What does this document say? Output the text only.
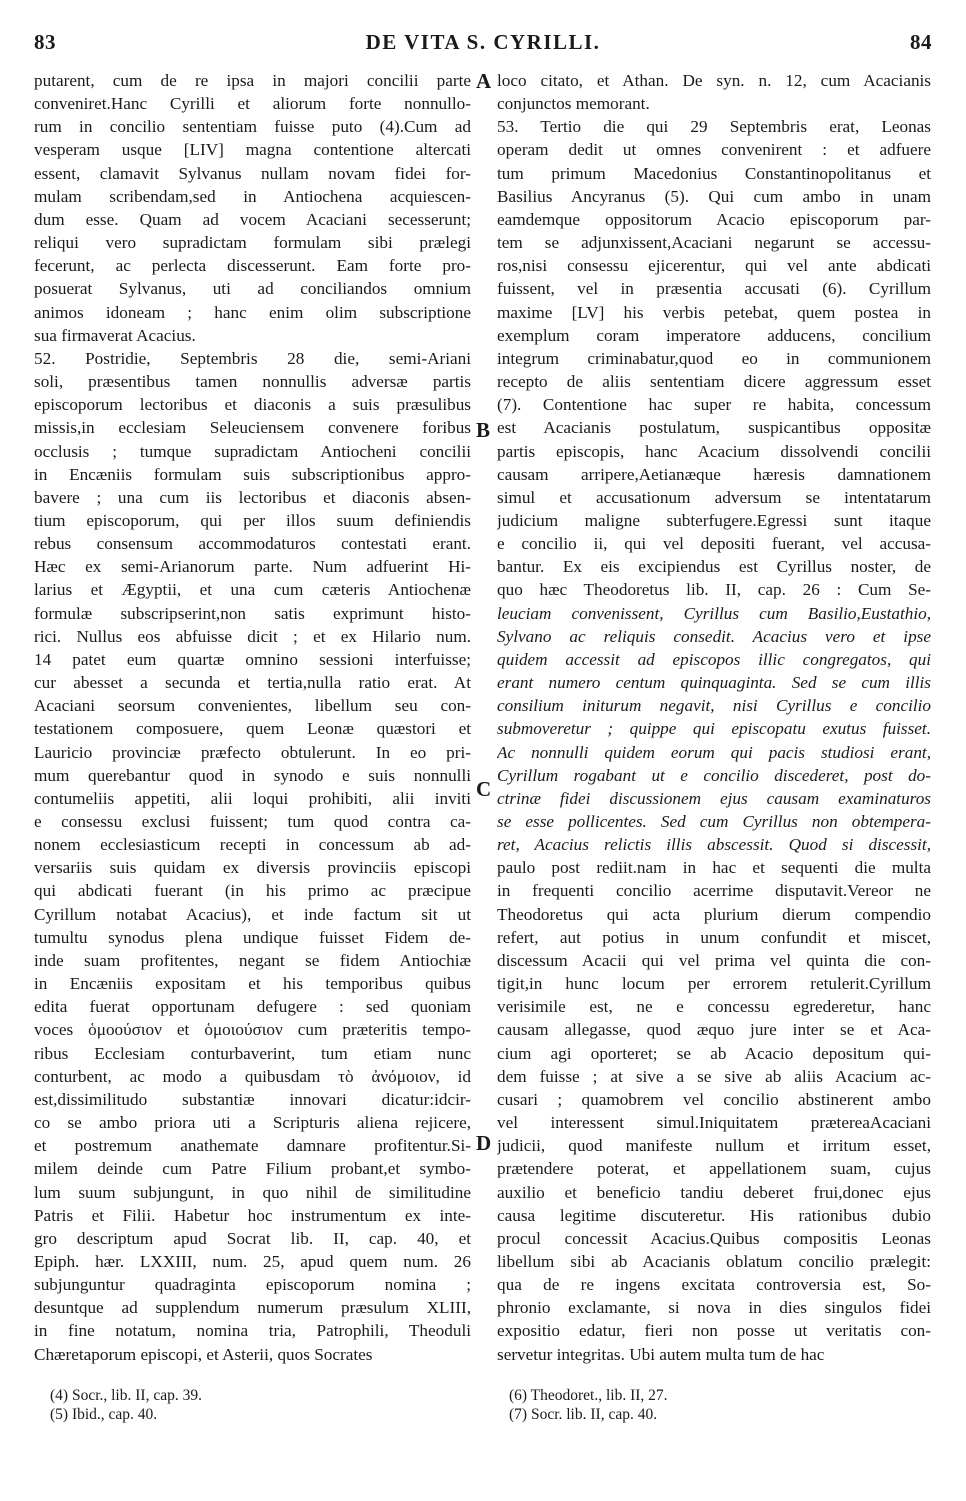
83	DE VITA S. CYRILLI.	84
putarent, cum de re ipsa in majori concilii parte
conveniret.Hanc Cyrilli et aliorum forte nonnullo-
rum in concilio sententiam fuisse puto (4).Cum ad
vesperam usque [LIV] magna contentione altercati
essent, clamavit Sylvanus nullam novam fidei for-
mulam scribendam,sed in Antiochena acquiescen-
dum esse. Quam ad vocem Acaciani secesserunt;
reliqui vero supradictam formulam sibi prælegi
fecerunt, ac perlecta discesserunt. Eam forte pro-
posuerat Sylvanus, uti ad conciliandos omnium
animos idoneam ; hanc enim olim subscriptione
sua firmaverat Acacius.
52. Postridie, Septembris 28 die, semi-Ariani
soli, præsentibus tamen nonnullis adversæ partis
episcoporum lectoribus et diaconis a suis præsulibus
missis,in ecclesiam Seleuciensem convenere foribus
occlusis ; tumque supradictam Antiocheni concilii
in Encæniis formulam suis subscriptionibus appro-
bavere ; una cum iis lectoribus et diaconis absen-
tium episcoporum, qui per illos suum definiendis
rebus consensum accommodaturos contestati erant.
Hæc ex semi-Arianorum parte. Num adfuerint Hi-
larius et Ægyptii, et una cum cæteris Antiochenæ
formulæ subscripserint,non satis exprimunt histo-
rici. Nullus eos abfuisse dicit ; et ex Hilario num.
14 patet eum quartæ omnino sessioni interfuisse;
cur abesset a secunda et tertia,nulla ratio erat. At
Acaciani seorsum convenientes, libellum seu con-
testationem composuere, quem Leonæ quæstori et
Lauricio provinciæ præfecto obtulerunt. In eo pri-
mum querebantur quod in synodo e suis nonnulli
contumeliis appetiti, alii loqui prohibiti, alii inviti
e consessu exclusi fuissent; tum quod contra ca-
nonem ecclesiasticum recepti in concessum ab ad-
versariis suis quidam ex diversis provinciis episcopi
qui abdicati fuerant (in his primo ac præcipue
Cyrillum notabat Acacius), et inde factum sit ut
tumultu synodus plena undique fuisset Fidem de-
inde suam profitentes, negant se fidem Antiochiæ
in Encæniis expositam et his temporibus quibus
edita fuerat opportunam defugere : sed quoniam
voces ὁμοούσιον et ὁμοιούσιον cum præteritis tempo-
ribus Ecclesiam conturbaverint, tum etiam nunc
conturbent, ac modo a quibusdam τὸ ἀνόμοιον, id
est,dissimilitudo substantiæ innovari dicatur:idcir-
co se ambo priora uti a Scripturis aliena rejicere,
et postremum anathemate damnare profitentur.Si-
milem deinde cum Patre Filium probant,et symbo-
lum suum subjungunt, in quo nihil de similitudine
Patris et Filii. Habetur hoc instrumentum ex inte-
gro descriptum apud Socrat lib. II, cap. 40, et
Epiph. hær. LXXIII, num. 25, apud quem num. 26
subjunguntur quadraginta episcoporum nomina ;
desuntque ad supplendum numerum præsulum XLIII,
in fine notatum, nomina tria, Patrophili, Theoduli
Chæretaporum episcopi, et Asterii, quos Socrates
loco citato, et Athan. De syn. n. 12, cum Acacianis
conjunctos memorant.
53. Tertio die qui 29 Septembris erat, Leonas
operam dedit ut omnes convenirent : et adfuere
tum primum Macedonius Constantinopolitanus et
Basilius Ancyranus (5). Qui cum ambo in unam
eamdemque oppositorum Acacio episcoporum par-
tem se adjunxissent,Acaciani negarunt se accessu-
ros,nisi consessu ejicerentur, qui vel ante abdicati
fuissent, vel in præsentia accusati (6). Cyrillum
maxime [LV] his verbis petebat, quem postea in
exemplum coram imperatore adducens, concilium
integrum criminabatur,quod eo in communionem
recepto de aliis sententiam dicere aggressum esset
(7). Contentione hac super re habita, concessum
est Acacianis postulatum, suspicantibus oppositæ
partis episcopis, hanc Acacium dissolvendi concilii
causam arripere,Aetianæque hæresis damnationem
simul et accusationum adversum se intentatarum
judicium maligne subterfugere.Egressi sunt itaque
e concilio ii, qui vel depositi fuerant, vel accusa-
bantur. Ex eis excipiendus est Cyrillus noster, de
quo hæc Theodoretus lib. II, cap. 26 : Cum Se-
leuciam convenissent, Cyrillus cum Basilio,Eustathio,
Sylvano ac reliquis consedit. Acacius vero et ipse
quidem accessit ad episcopos illic congregatos, qui
erant numero centum quinquaginta. Sed se cum illis
consilium initurum negavit, nisi Cyrillus e concilio
submoveretur ; quippe qui episcopatu exutus fuisset.
Ac nonnulli quidem eorum qui pacis studiosi erant,
Cyrillum rogabant ut e concilio discederet, post do-
ctrinæ fidei discussionem ejus causam examinaturos
se esse pollicentes. Sed cum Cyrillus non obtempera-
ret, Acacius relictis illis abscessit. Quod si discessit,
paulo post rediit.nam in hac et sequenti die multa
in frequenti concilio acerrime disputavit.Vereor ne
Theodoretus qui acta plurium dierum compendio
refert, aut potius in unum confundit et miscet,
discessum Acacii qui vel prima vel quinta die con-
tigit,in hunc locum per errorem retulerit.Cyrillum
verisimile est, ne e concessu egrederetur, hanc
causam allegasse, quod æquo jure inter se et Aca-
cium agi oporteret; se ab Acacio depositum qui-
dem fuisse ; at sive a se sive ab aliis Acacium ac-
cusari ; quamobrem vel concilio abstinerent ambo
vel interessent simul.Iniquitatem prætereaAcaciani
judicii, quod manifeste nullum et irritum esset,
prætendere poterat, et appellationem suam, cujus
auxilio et beneficio tandiu deberet frui,donec ejus
causa legitime discuteretur. His rationibus dubio
procul concessit Acacius.Quibus compositis Leonas
libellum sibi ab Acacianis oblatum concilio prælegit:
qua de re ingens excitata controversia est, So-
phronio exclamante, si nova in dies singulos fidei
expositio edatur, fieri non posse ut veritatis con-
servetur integritas. Ubi autem multa tum de hac
A
B
C
D
(4) Socr., lib. II, cap. 39.
(5) Ibid., cap. 40.
(6) Theodoret., lib. II, 27.
(7) Socr. lib. II, cap. 40.
